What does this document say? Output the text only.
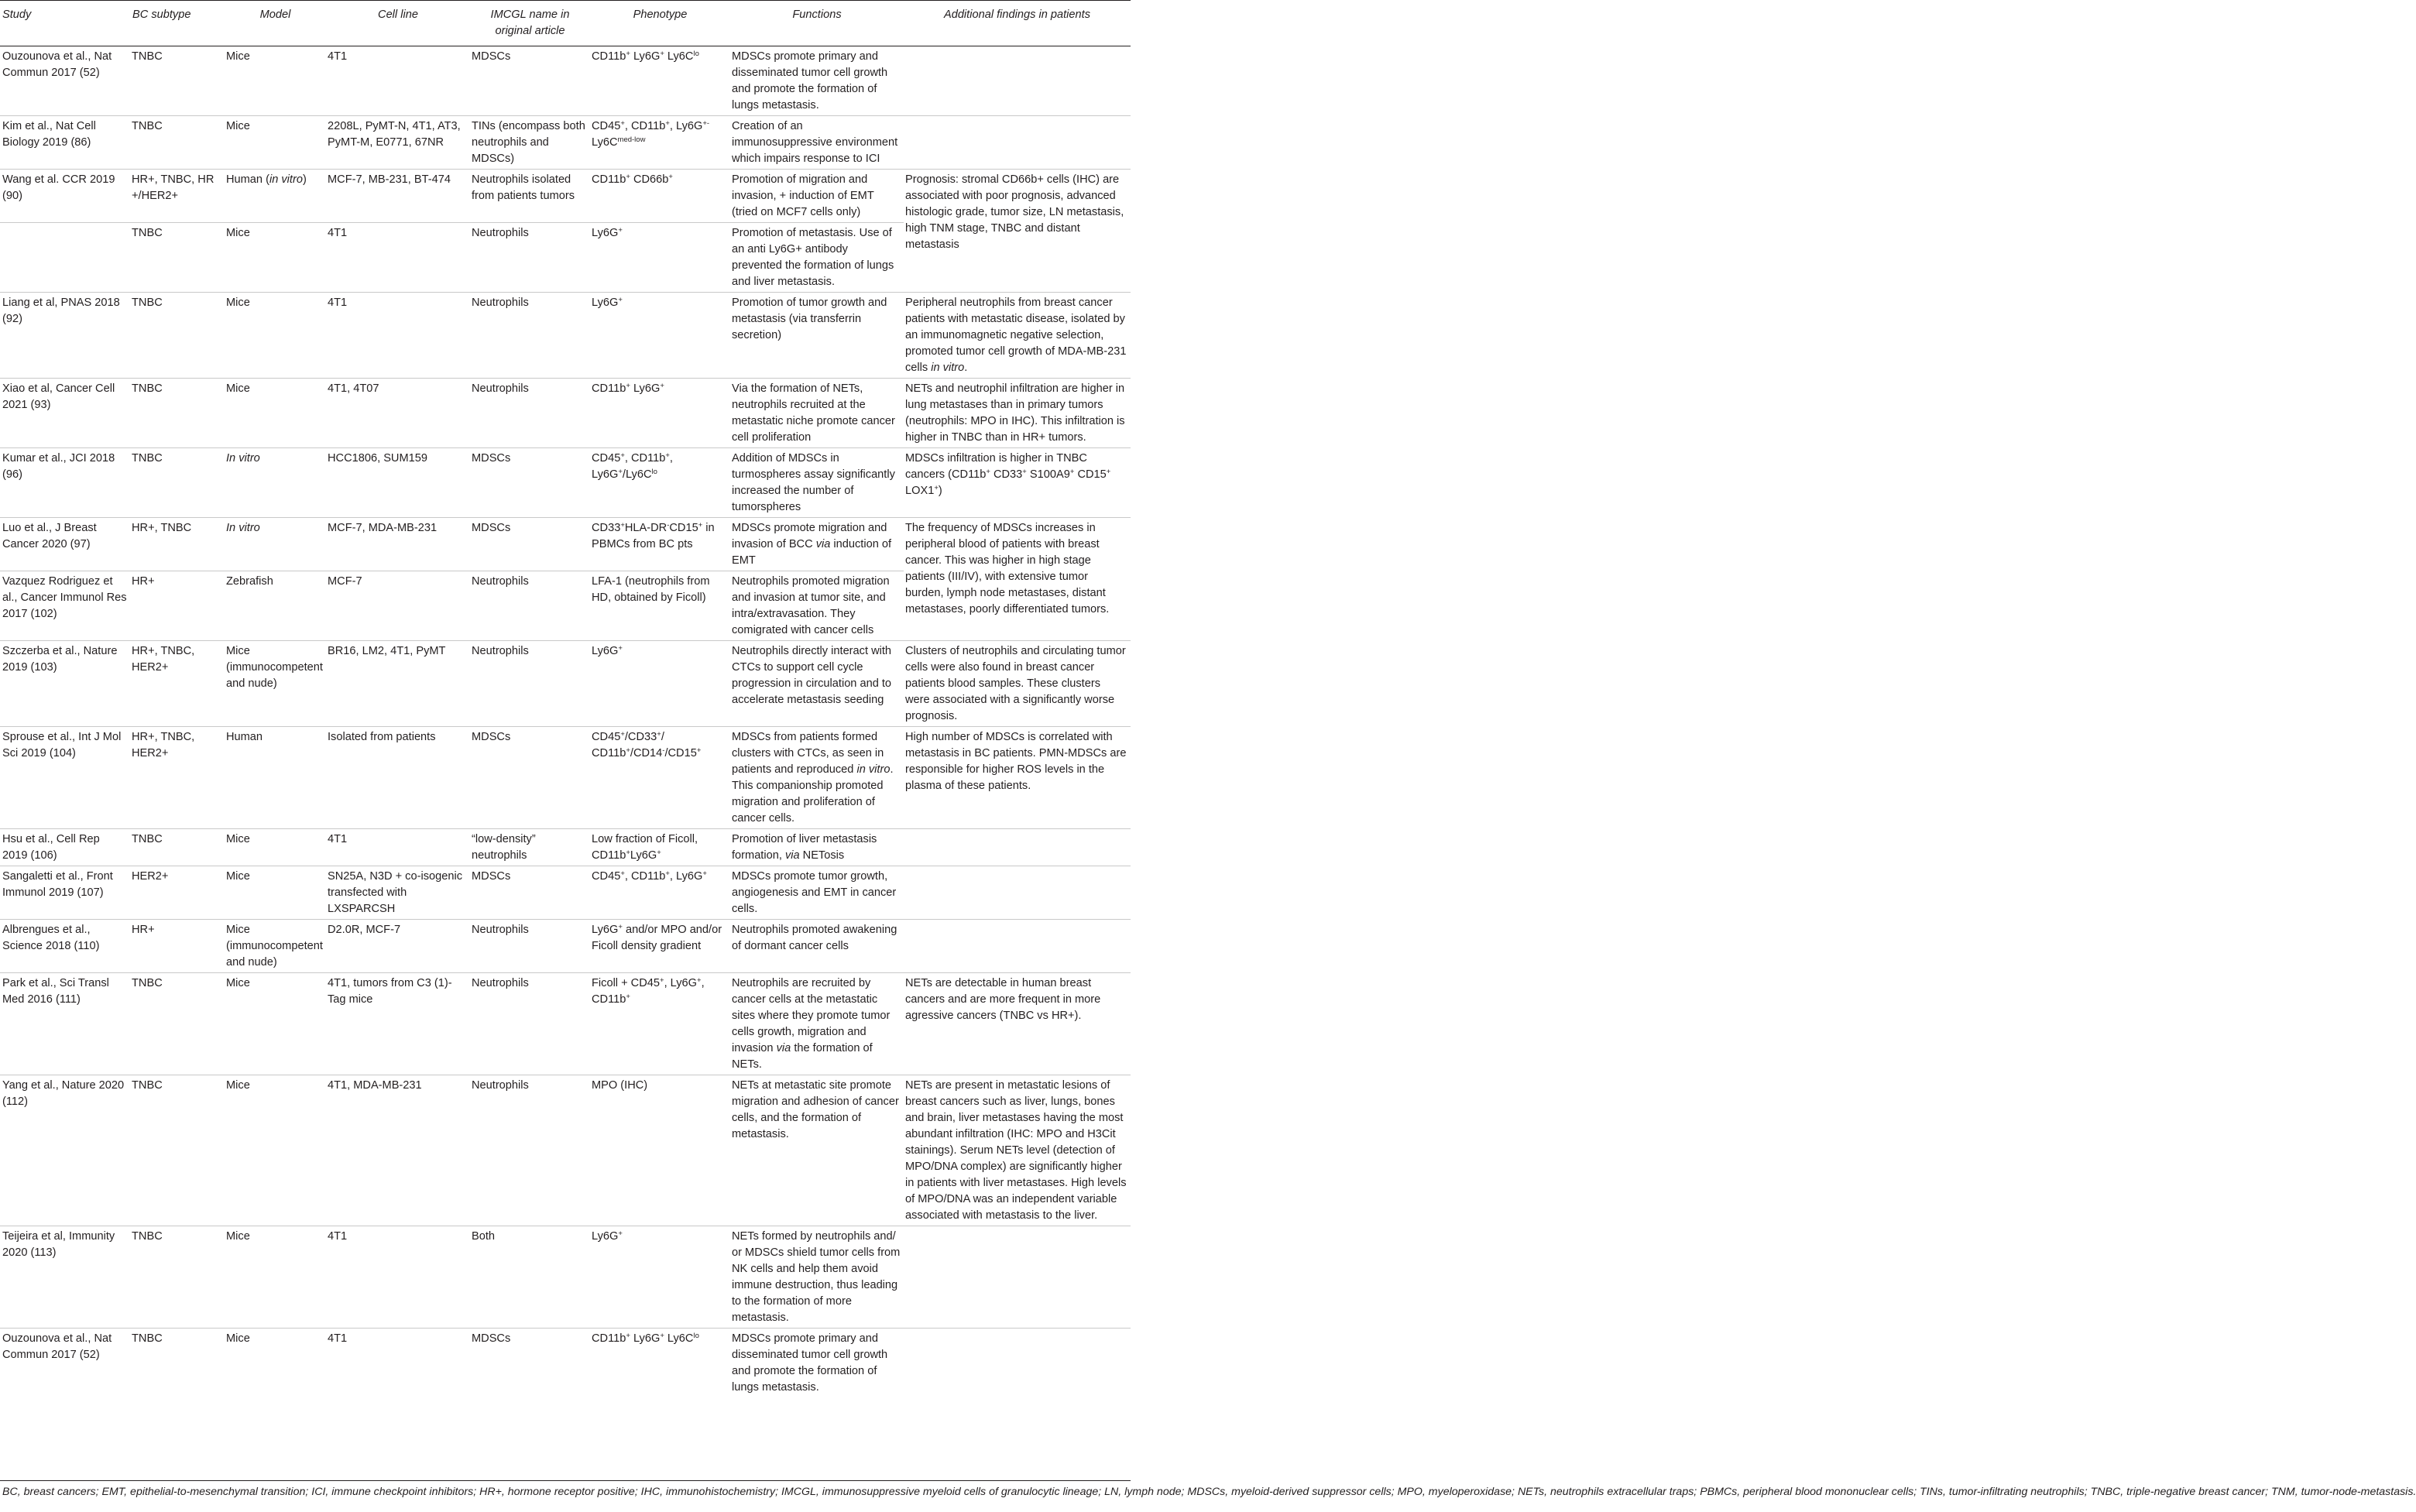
Study	BC subtype	Model	Cell line	IMCGL name in original article	Phenotype	Functions	Additional findings in patients
Ouzounova et al., Nat Commun 2017 (52)	TNBC	Mice	4T1	MDSCs	CD11b+ Ly6G+ $Ly6C^{lo}$	MDSCs promote primary and disseminated tumor cell growth and promote the formation of lungs metastasis.	
Kim et al., Nat Cell Biology 2019 (86)	TNBC	Mice	2208L, PyMT-N, 4T1, AT3, PyMT-M, E0771, 67NR	TINs (encompass both neutrophils and MDSCs)	CD45+, CD11b+, $Ly6G^{+-}Ly6C^{med-low}$	Creation of an immunosuppressive environment which impairs response to ICI	
Wang et al. CCR 2019 (90)	HR+, TNBC, HR +/HER2+	Human (in vitro)	MCF-7, MB-231, BT-474	Neutrophils isolated from patients tumors	CD11b+ CD66b+	Promotion of migration and invasion, + induction of EMT (tried on MCF7 cells only)	Prognosis: stromal CD66b+ cells (IHC) are associated with poor prognosis, advanced histologic grade, tumor size, LN metastasis, high TNM stage, TNBC and distant metastasis
	TNBC	Mice	4T1	Neutrophils	Ly6G+	Promotion of metastasis. Use of an anti Ly6G+ antibody prevented the formation of lungs and liver metastasis.	
Liang et al, PNAS 2018 (92)	TNBC	Mice	4T1	Neutrophils	Ly6G+	Promotion of tumor growth and metastasis (via transferrin secretion)	Peripheral neutrophils from breast cancer patients with metastatic disease, isolated by an immunomagnetic negative selection, promoted tumor cell growth of MDA-MB-231 cells in vitro.
Xiao et al, Cancer Cell 2021 (93)	TNBC	Mice	4T1, 4T07	Neutrophils	CD11b+ Ly6G+	Via the formation of NETs, neutrophils recruited at the metastatic niche promote cancer cell proliferation	NETs and neutrophil infiltration are higher in lung metastases than in primary tumors (neutrophils: MPO in IHC). This infiltration is higher in TNBC than in HR+ tumors.
Kumar et al., JCI 2018 (96)	TNBC	In vitro	HCC1806, SUM159	MDSCs	CD45+, CD11b+, $Ly6G^+/Ly6C^{lo}$	Addition of MDSCs in turmospheres assay significantly increased the number of tumorspheres	MDSCs infiltration is higher in TNBC cancers (CD11b+ CD33+ S100A9+ CD15+ LOX1+)
Luo et al., J Breast Cancer 2020 (97)	HR+, TNBC	In vitro	MCF-7, MDA-MB-231	MDSCs	CD33+HLA-DR-CD15+ in PBMCs from BC pts	MDSCs promote migration and invasion of BCC via induction of EMT	The frequency of MDSCs increases in peripheral blood of patients with breast cancer. This was higher in high stage patients (III/IV), with extensive tumor burden, lymph node metastases, distant metastases, poorly differentiated tumors.
Vazquez Rodriguez et al., Cancer Immunol Res 2017 (102)	HR+	Zebrafish	MCF-7	Neutrophils	LFA-1 (neutrophils from HD, obtained by Ficoll)	Neutrophils promoted migration and invasion at tumor site, and intra/extravasation. They comigrated with cancer cells	
Szczerba et al., Nature 2019 (103)	HR+, TNBC, HER2+	Mice (immunocompetent and nude)	BR16, LM2, 4T1, PyMT	Neutrophils	Ly6G+	Neutrophils directly interact with CTCs to support cell cycle progression in circulation and to accelerate metastasis seeding	Clusters of neutrophils and circulating tumor cells were also found in breast cancer patients blood samples. These clusters were associated with a significantly worse prognosis.
Sprouse et al., Int J Mol Sci 2019 (104)	HR+, TNBC, HER2+	Human	Isolated from patients	MDSCs	CD45+/CD33+/ CD11b+/CD14-/CD15+	MDSCs from patients formed clusters with CTCs, as seen in patients and reproduced in vitro. This companionship promoted migration and proliferation of cancer cells.	High number of MDSCs is correlated with metastasis in BC patients. PMN-MDSCs are responsible for higher ROS levels in the plasma of these patients.
Hsu et al., Cell Rep 2019 (106)	TNBC	Mice	4T1	“low-density” neutrophils	Low fraction of Ficoll, CD11b+Ly6G+	Promotion of liver metastasis formation, via NETosis	
Sangaletti et al., Front Immunol 2019 (107)	HER2+	Mice	SN25A, N3D + co-isogenic transfected with LXSPARCSH	MDSCs	CD45+, CD11b+, Ly6G+	MDSCs promote tumor growth, angiogenesis and EMT in cancer cells.	
Albrengues et al., Science 2018 (110)	HR+	Mice (immunocompetent and nude)	D2.0R, MCF-7	Neutrophils	Ly6G+ and/or MPO and/or Ficoll density gradient	Neutrophils promoted awakening of dormant cancer cells	
Park et al., Sci Transl Med 2016 (111)	TNBC	Mice	4T1, tumors from C3 (1)-Tag mice	Neutrophils	Ficoll + CD45+, Ly6G+, CD11b+	Neutrophils are recruited by cancer cells at the metastatic sites where they promote tumor cells growth, migration and invasion via the formation of NETs.	NETs are detectable in human breast cancers and are more frequent in more agressive cancers (TNBC vs HR+).
Yang et al., Nature 2020 (112)	TNBC	Mice	4T1, MDA-MB-231	Neutrophils	MPO (IHC)	NETs at metastatic site promote migration and adhesion of cancer cells, and the formation of metastasis.	NETs are present in metastatic lesions of breast cancers such as liver, lungs, bones and brain, liver metastases having the most abundant infiltration (IHC: MPO and H3Cit stainings). Serum NETs level (detection of MPO/DNA complex) are significantly higher in patients with liver metastases. High levels of MPO/DNA was an independent variable associated with metastasis to the liver.
Teijeira et al, Immunity 2020 (113)	TNBC	Mice	4T1	Both	Ly6G+	NETs formed by neutrophils and/ or MDSCs shield tumor cells from NK cells and help them avoid immune destruction, thus leading to the formation of more metastasis.	
Ouzounova et al., Nat Commun 2017 (52)	TNBC	Mice	4T1	MDSCs	CD11b+ Ly6G+ $Ly6C^{lo}$	MDSCs promote primary and disseminated tumor cell growth and promote the formation of lungs metastasis.	
BC, breast cancers; EMT, epithelial-to-mesenchymal transition; ICI, immune checkpoint inhibitors; HR+, hormone receptor positive; IHC, immunohistochemistry; IMCGL, immunosuppressive myeloid cells of granulocytic lineage; LN, lymph node; MDSCs, myeloid-derived suppressor cells; MPO, myeloperoxidase; NETs, neutrophils extracellular traps; PBMCs, peripheral blood mononuclear cells; TINs, tumor-infiltrating neutrophils; TNBC, triple-negative breast cancer; TNM, tumor-node-metastasis.
